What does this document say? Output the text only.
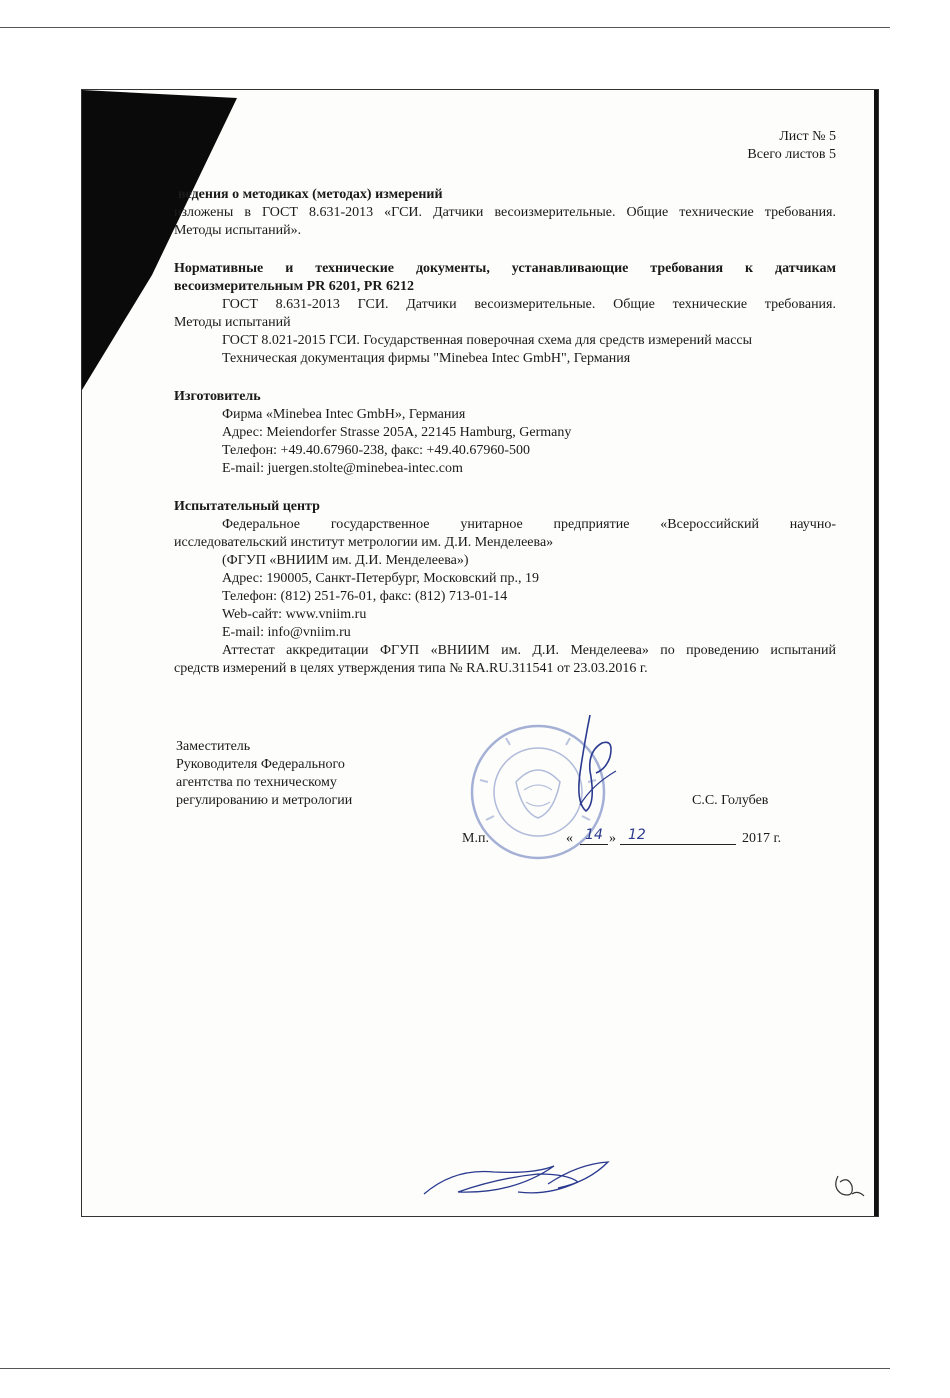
Лист № 5
Всего листов 5
ведения о методиках (методах) измерений
изложены в ГОСТ 8.631-2013 «ГСИ. Датчики весоизмерительные. Общие технические требования.
Методы испытаний».
Нормативные и технические документы, устанавливающие требования к датчикам
весоизмерительным PR 6201, PR 6212
ГОСТ 8.631-2013 ГСИ. Датчики весоизмерительные. Общие технические требования.
Методы испытаний
ГОСТ 8.021-2015 ГСИ. Государственная поверочная схема для средств измерений массы
Техническая документация фирмы "Minebea Intec GmbH", Германия
Изготовитель
Фирма «Minebea Intec GmbH», Германия
Адрес: Meiendorfer Strasse 205A, 22145 Hamburg, Germany
Телефон: +49.40.67960-238, факс: +49.40.67960-500
E-mail: juergen.stolte@minebea-intec.com
Испытательный центр
Федеральное государственное унитарное предприятие «Всероссийский научно-
исследовательский институт метрологии им. Д.И. Менделеева»
(ФГУП «ВНИИМ им. Д.И. Менделеева»)
Адрес: 190005, Санкт-Петербург, Московский пр., 19
Телефон: (812) 251-76-01, факс: (812) 713-01-14
Web-сайт: www.vniim.ru
E-mail: info@vniim.ru
Аттестат аккредитации ФГУП «ВНИИМ им. Д.И. Менделеева» по проведению испытаний
средств измерений в целях утверждения типа № RA.RU.311541 от 23.03.2016 г.
Заместитель
Руководителя Федерального
агентства по техническому
регулированию и метрологии	С.С. Голубев
М.п.	« 14 » 12	2017 г.
